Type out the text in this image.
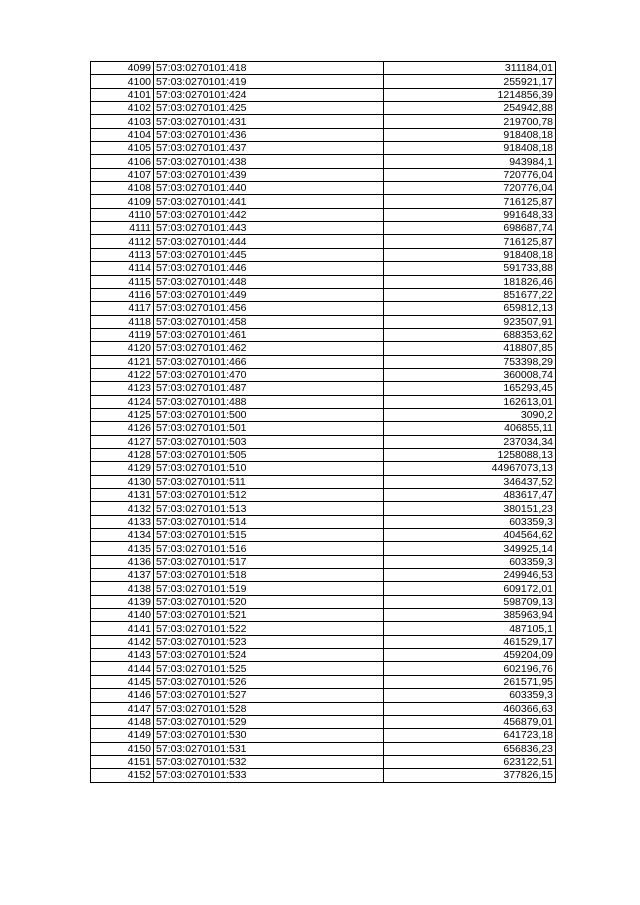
4099	57:03:0270101:418	311184,01
4100	57:03:0270101:419	255921,17
4101	57:03:0270101:424	1214856,39
4102	57:03:0270101:425	254942,88
4103	57:03:0270101:431	219700,78
4104	57:03:0270101:436	918408,18
4105	57:03:0270101:437	918408,18
4106	57:03:0270101:438	943984,1
4107	57:03:0270101:439	720776,04
4108	57:03:0270101:440	720776,04
4109	57:03:0270101:441	716125,87
4110	57:03:0270101:442	991648,33
4111	57:03:0270101:443	698687,74
4112	57:03:0270101:444	716125,87
4113	57:03:0270101:445	918408,18
4114	57:03:0270101:446	591733,88
4115	57:03:0270101:448	181826,46
4116	57:03:0270101:449	851677,22
4117	57:03:0270101:456	659812,13
4118	57:03:0270101:458	923507,91
4119	57:03:0270101:461	688353,62
4120	57:03:0270101:462	418807,85
4121	57:03:0270101:466	753398,29
4122	57:03:0270101:470	360008,74
4123	57:03:0270101:487	165293,45
4124	57:03:0270101:488	162613,01
4125	57:03:0270101:500	3090,2
4126	57:03:0270101:501	406855,11
4127	57:03:0270101:503	237034,34
4128	57:03:0270101:505	1258088,13
4129	57:03:0270101:510	44967073,13
4130	57:03:0270101:511	346437,52
4131	57:03:0270101:512	483617,47
4132	57:03:0270101:513	380151,23
4133	57:03:0270101:514	603359,3
4134	57:03:0270101:515	404564,62
4135	57:03:0270101:516	349925,14
4136	57:03:0270101:517	603359,3
4137	57:03:0270101:518	249946,53
4138	57:03:0270101:519	609172,01
4139	57:03:0270101:520	598709,13
4140	57:03:0270101:521	385963,94
4141	57:03:0270101:522	487105,1
4142	57:03:0270101:523	461529,17
4143	57:03:0270101:524	459204,09
4144	57:03:0270101:525	602196,76
4145	57:03:0270101:526	261571,95
4146	57:03:0270101:527	603359,3
4147	57:03:0270101:528	460366,63
4148	57:03:0270101:529	456879,01
4149	57:03:0270101:530	641723,18
4150	57:03:0270101:531	656836,23
4151	57:03:0270101:532	623122,51
4152	57:03:0270101:533	377826,15
